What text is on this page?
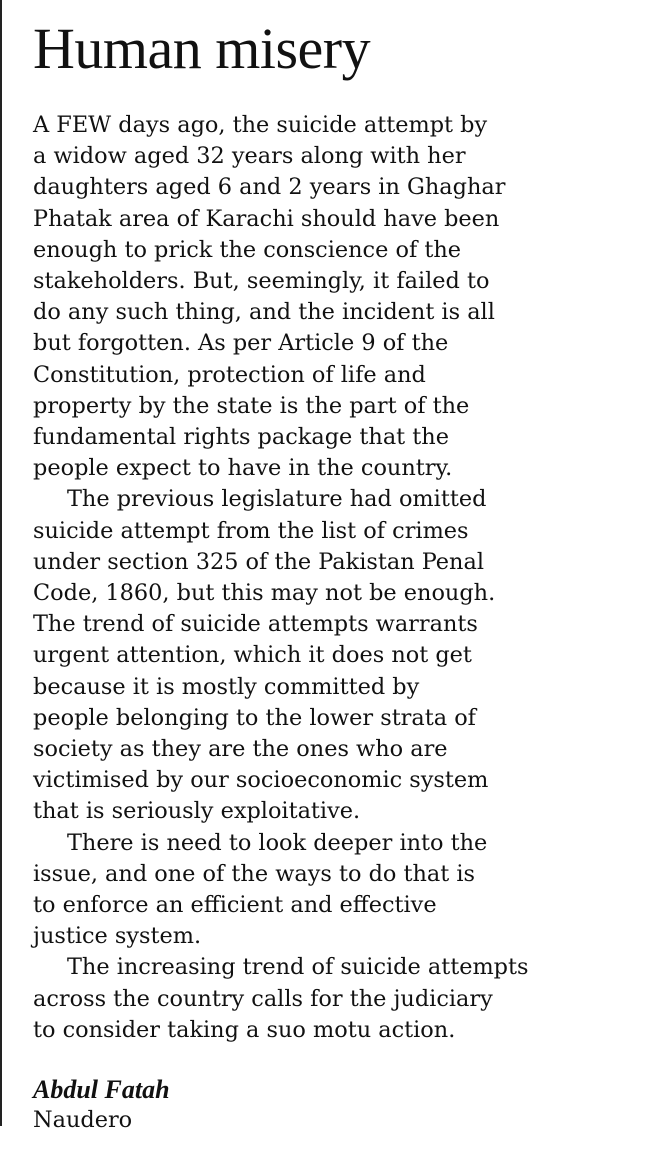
Human misery

A FEW days ago, the suicide attempt by
a widow aged 32 years along with her
daughters aged 6 and 2 years in Ghaghar
Phatak area of Karachi should have been
enough to prick the conscience of the
stakeholders. But, seemingly, it failed to
do any such thing, and the incident is all
but forgotten. As per Article 9 of the
Constitution, protection of life and
property by the state is the part of the
fundamental rights package that the
people expect to have in the country.

The previous legislature had omitted
suicide attempt from the list of crimes
under section 325 of the Pakistan Penal
Code, 1860, but this may not be enough.
The trend of suicide attempts warrants
urgent attention, which it does not get
because it is mostly committed by
people belonging to the lower strata of
society as they are the ones who are
victimised by our socioeconomic system
that is seriously exploitative.

There is need to look deeper into the
issue, and one of the ways to do that is
to enforce an efficient and effective
justice system.

The increasing trend of suicide attempts
across the country calls for the judiciary
to consider taking a suo motu action.

Abdul Fatah

Naudero
